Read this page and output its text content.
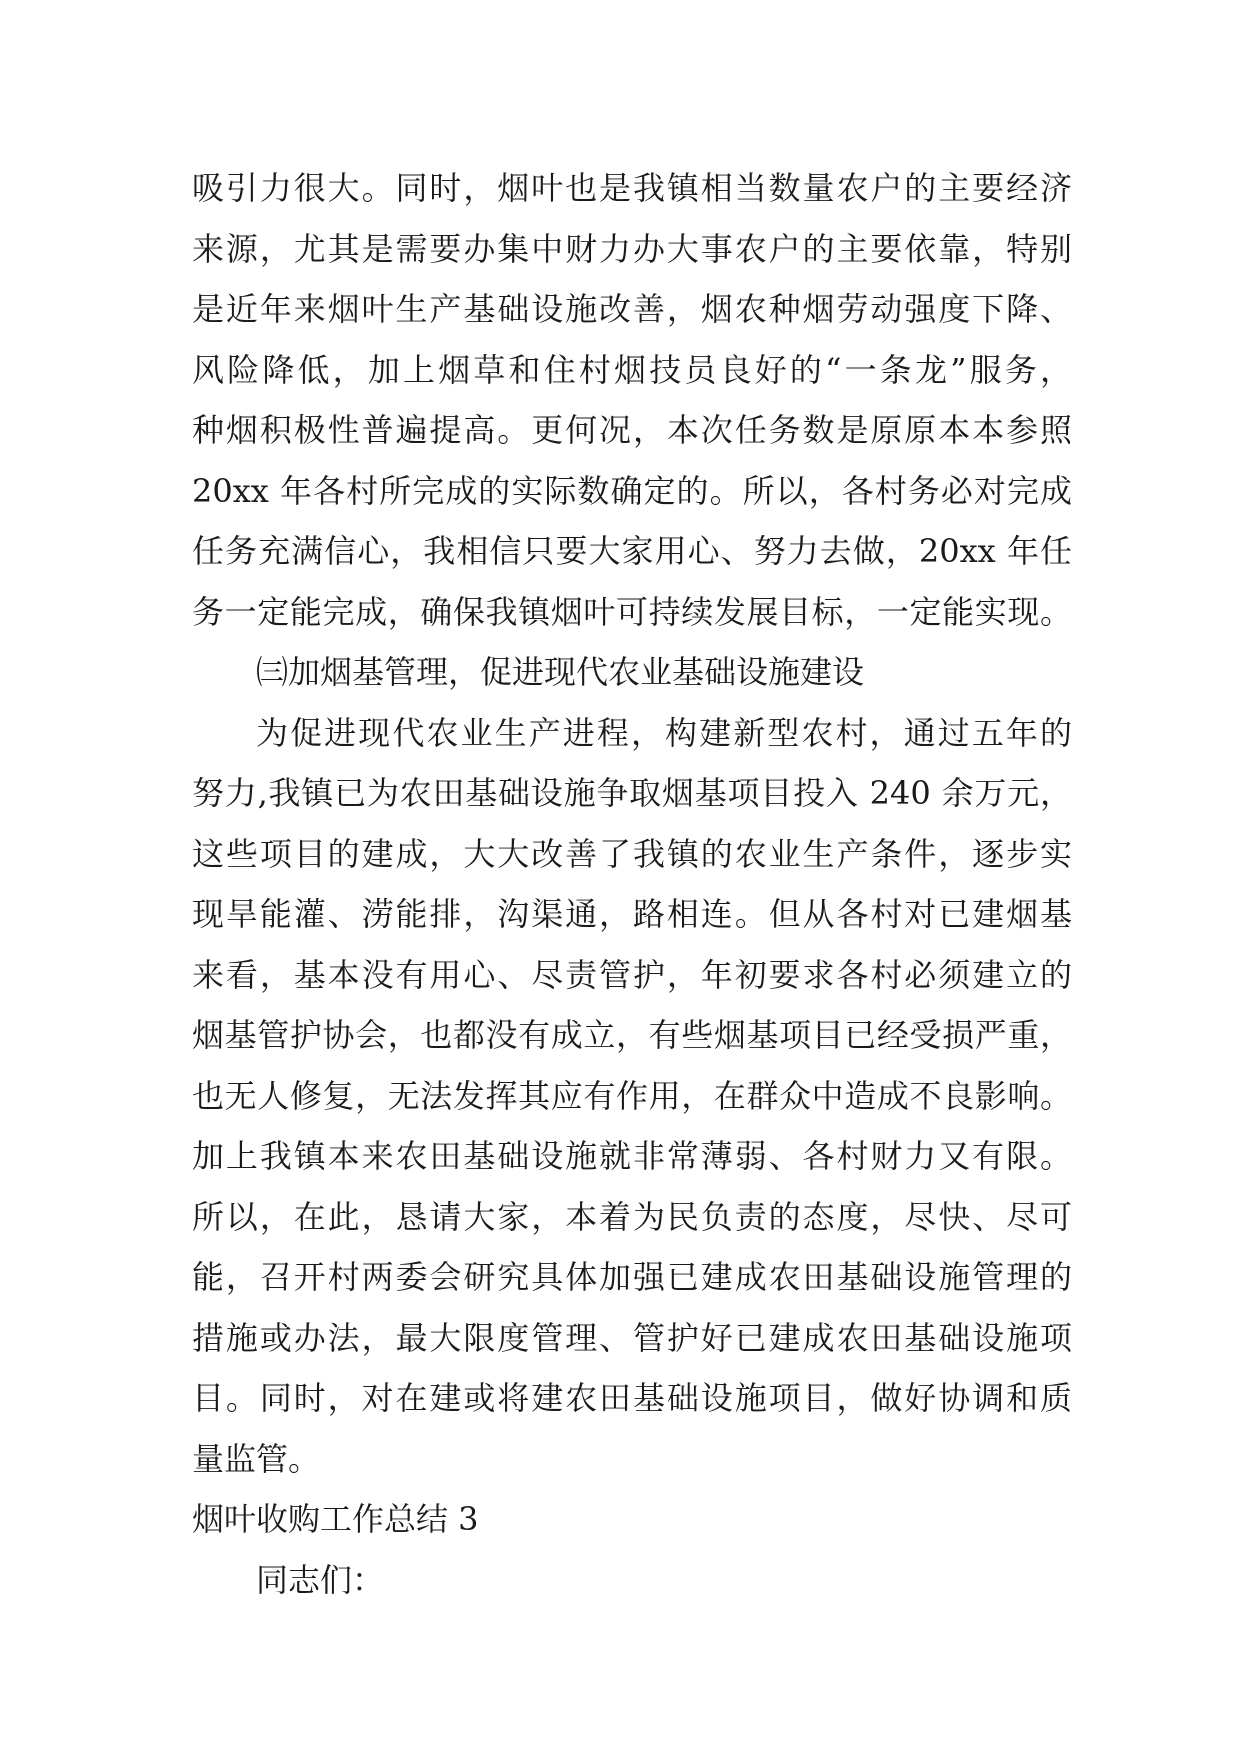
吸引力很大。同时，烟叶也是我镇相当数量农户的主要经济
来源，尤其是需要办集中财力办大事农户的主要依靠，特别
是近年来烟叶生产基础设施改善，烟农种烟劳动强度下降、
风险降低，加上烟草和住村烟技员良好的“一条龙”服务，
种烟积极性普遍提高。更何况，本次任务数是原原本本参照
20xx 年各村所完成的实际数确定的。所以，各村务必对完成
任务充满信心，我相信只要大家用心、努力去做，20xx 年任
务一定能完成，确保我镇烟叶可持续发展目标，一定能实现。
㈢加烟基管理，促进现代农业基础设施建设
为促进现代农业生产进程，构建新型农村，通过五年的
努力,我镇已为农田基础设施争取烟基项目投入 240 余万元，
这些项目的建成，大大改善了我镇的农业生产条件，逐步实
现旱能灌、涝能排，沟渠通，路相连。但从各村对已建烟基
来看，基本没有用心、尽责管护，年初要求各村必须建立的
烟基管护协会，也都没有成立，有些烟基项目已经受损严重，
也无人修复，无法发挥其应有作用，在群众中造成不良影响。
加上我镇本来农田基础设施就非常薄弱、各村财力又有限。
所以，在此，恳请大家，本着为民负责的态度，尽快、尽可
能，召开村两委会研究具体加强已建成农田基础设施管理的
措施或办法，最大限度管理、管护好已建成农田基础设施项
目。同时，对在建或将建农田基础设施项目，做好协调和质
量监管。
烟叶收购工作总结 3
同志们：
